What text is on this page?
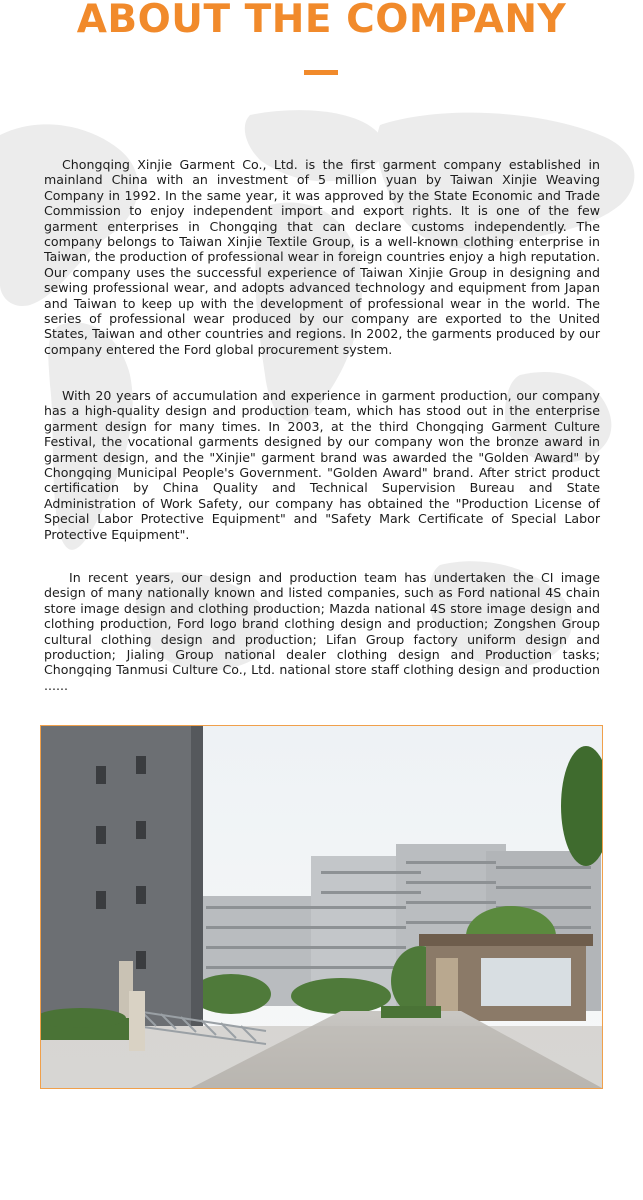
ABOUT THE COMPANY

Chongqing Xinjie Garment Co., Ltd. is the first garment company established in mainland China with an investment of 5 million yuan by Taiwan Xinjie Weaving Company in 1992. In the same year, it was approved by the State Economic and Trade Commission to enjoy independent import and export rights. It is one of the few garment enterprises in Chongqing that can declare customs independently. The company belongs to Taiwan Xinjie Textile Group, is a well-known clothing enterprise in Taiwan, the production of professional wear in foreign countries enjoy a high reputation. Our company uses the successful experience of Taiwan Xinjie Group in designing and sewing professional wear, and adopts advanced technology and equipment from Japan and Taiwan to keep up with the development of professional wear in the world. The series of professional wear produced by our company are exported to the United States, Taiwan and other countries and regions. In 2002, the garments produced by our company entered the Ford global procurement system.

With 20 years of accumulation and experience in garment production, our company has a high-quality design and production team, which has stood out in the enterprise garment design for many times. In 2003, at the third Chongqing Garment Culture Festival, the vocational garments designed by our company won the bronze award in garment design, and the "Xinjie" garment brand was awarded the "Golden Award" by Chongqing Municipal People's Government. "Golden Award" brand. After strict product certification by China Quality and Technical Supervision Bureau and State Administration of Work Safety, our company has obtained the "Production License of Special Labor Protective Equipment" and "Safety Mark Certificate of Special Labor Protective Equipment".

In recent years, our design and production team has undertaken the CI image design of many nationally known and listed companies, such as Ford national 4S chain store image design and clothing production; Mazda national 4S store image design and clothing production, Ford logo brand clothing design and production; Zongshen Group cultural clothing design and production; Lifan Group factory uniform design and production; Jialing Group national dealer clothing design and Production tasks; Chongqing Tanmusi Culture Co., Ltd. national store staff clothing design and production ......
